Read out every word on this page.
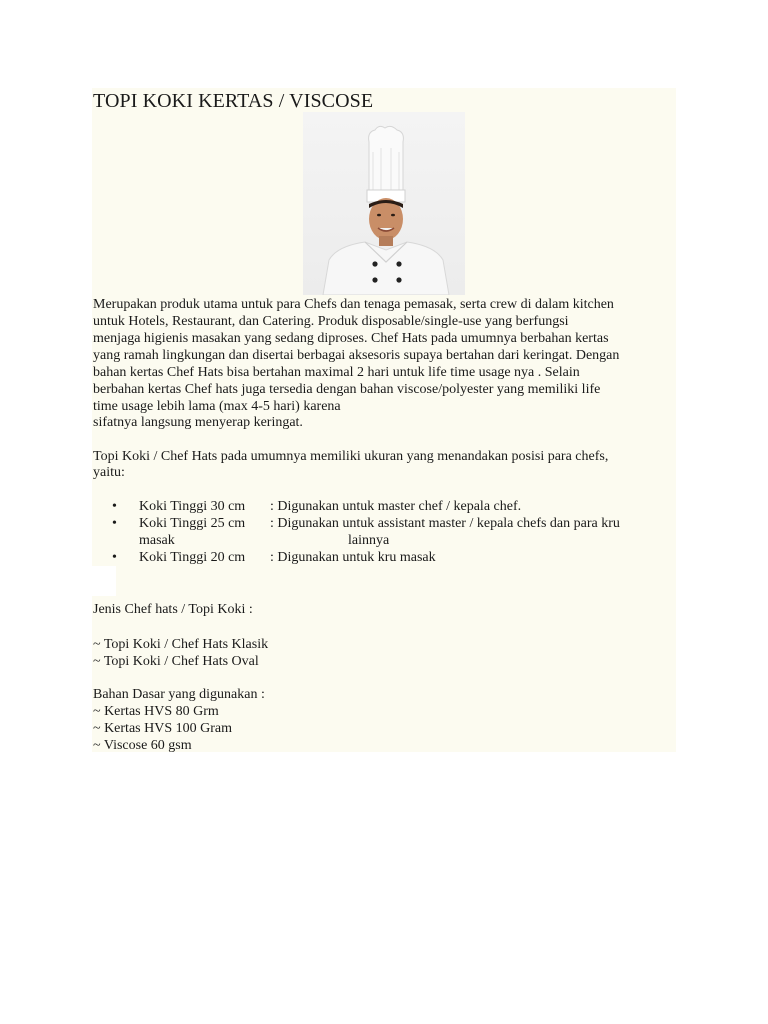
TOPI KOKI KERTAS / VISCOSE
Merupakan produk utama untuk para Chefs dan tenaga pemasak, serta crew di dalam kitchen
untuk Hotels, Restaurant, dan Catering. Produk disposable/single-use yang berfungsi
menjaga higienis masakan yang sedang diproses. Chef Hats pada umumnya berbahan kertas
yang ramah lingkungan dan disertai berbagai aksesoris supaya bertahan dari keringat. Dengan
bahan kertas Chef Hats bisa bertahan maximal 2 hari untuk life time usage nya . Selain
berbahan kertas Chef hats juga tersedia dengan bahan viscose/polyester yang memiliki life
time usage lebih lama (max 4-5 hari) karena
sifatnya langsung menyerap keringat.
Topi Koki / Chef Hats pada umumnya memiliki ukuran yang menandakan posisi para chefs,
yaitu:
• Koki Tinggi 30 cm : Digunakan untuk master chef / kepala chef.
• Koki Tinggi 25 cm : Digunakan untuk assistant master / kepala chefs dan para kru
masak	lainnya
• Koki Tinggi 20 cm : Digunakan untuk kru masak
Jenis Chef hats / Topi Koki :
~ Topi Koki / Chef Hats Klasik
~ Topi Koki / Chef Hats Oval
Bahan Dasar yang digunakan :
~ Kertas HVS 80 Grm
~ Kertas HVS 100 Gram
~ Viscose 60 gsm
